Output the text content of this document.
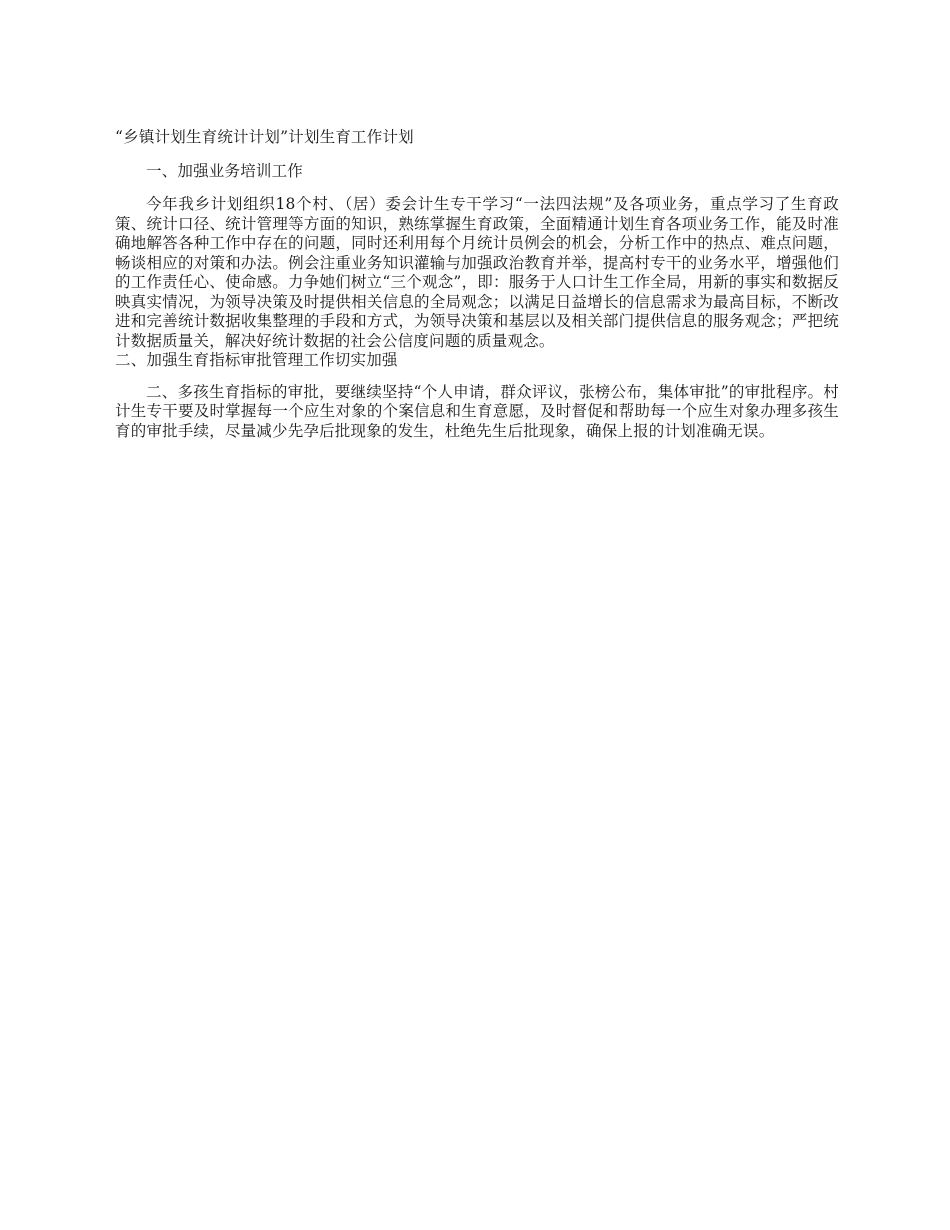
“乡镇计划生育统计计划”计划生育工作计划

一、加强业务培训工作

今年我乡计划组织18个村、（居）委会计生专干学习“一法四法规”及各项业务，重点学习了生育政策、统计口径、统计管理等方面的知识，熟练掌握生育政策，全面精通计划生育各项业务工作，能及时准确地解答各种工作中存在的问题，同时还利用每个月统计员例会的机会，分析工作中的热点、难点问题，畅谈相应的对策和办法。例会注重业务知识灌输与加强政治教育并举，提高村专干的业务水平，增强他们的工作责任心、使命感。力争她们树立“三个观念”，即：服务于人口计生工作全局，用新的事实和数据反映真实情况，为领导决策及时提供相关信息的全局观念；以满足日益增长的信息需求为最高目标，不断改进和完善统计数据收集整理的手段和方式，为领导决策和基层以及相关部门提供信息的服务观念；严把统计数据质量关，解决好统计数据的社会公信度问题的质量观念。

二、加强生育指标审批管理工作切实加强

二、多孩生育指标的审批，要继续坚持“个人申请，群众评议，张榜公布，集体审批”的审批程序。村计生专干要及时掌握每一个应生对象的个案信息和生育意愿，及时督促和帮助每一个应生对象办理多孩生育的审批手续，尽量减少先孕后批现象的发生，杜绝先生后批现象，确保上报的计划准确无误。
